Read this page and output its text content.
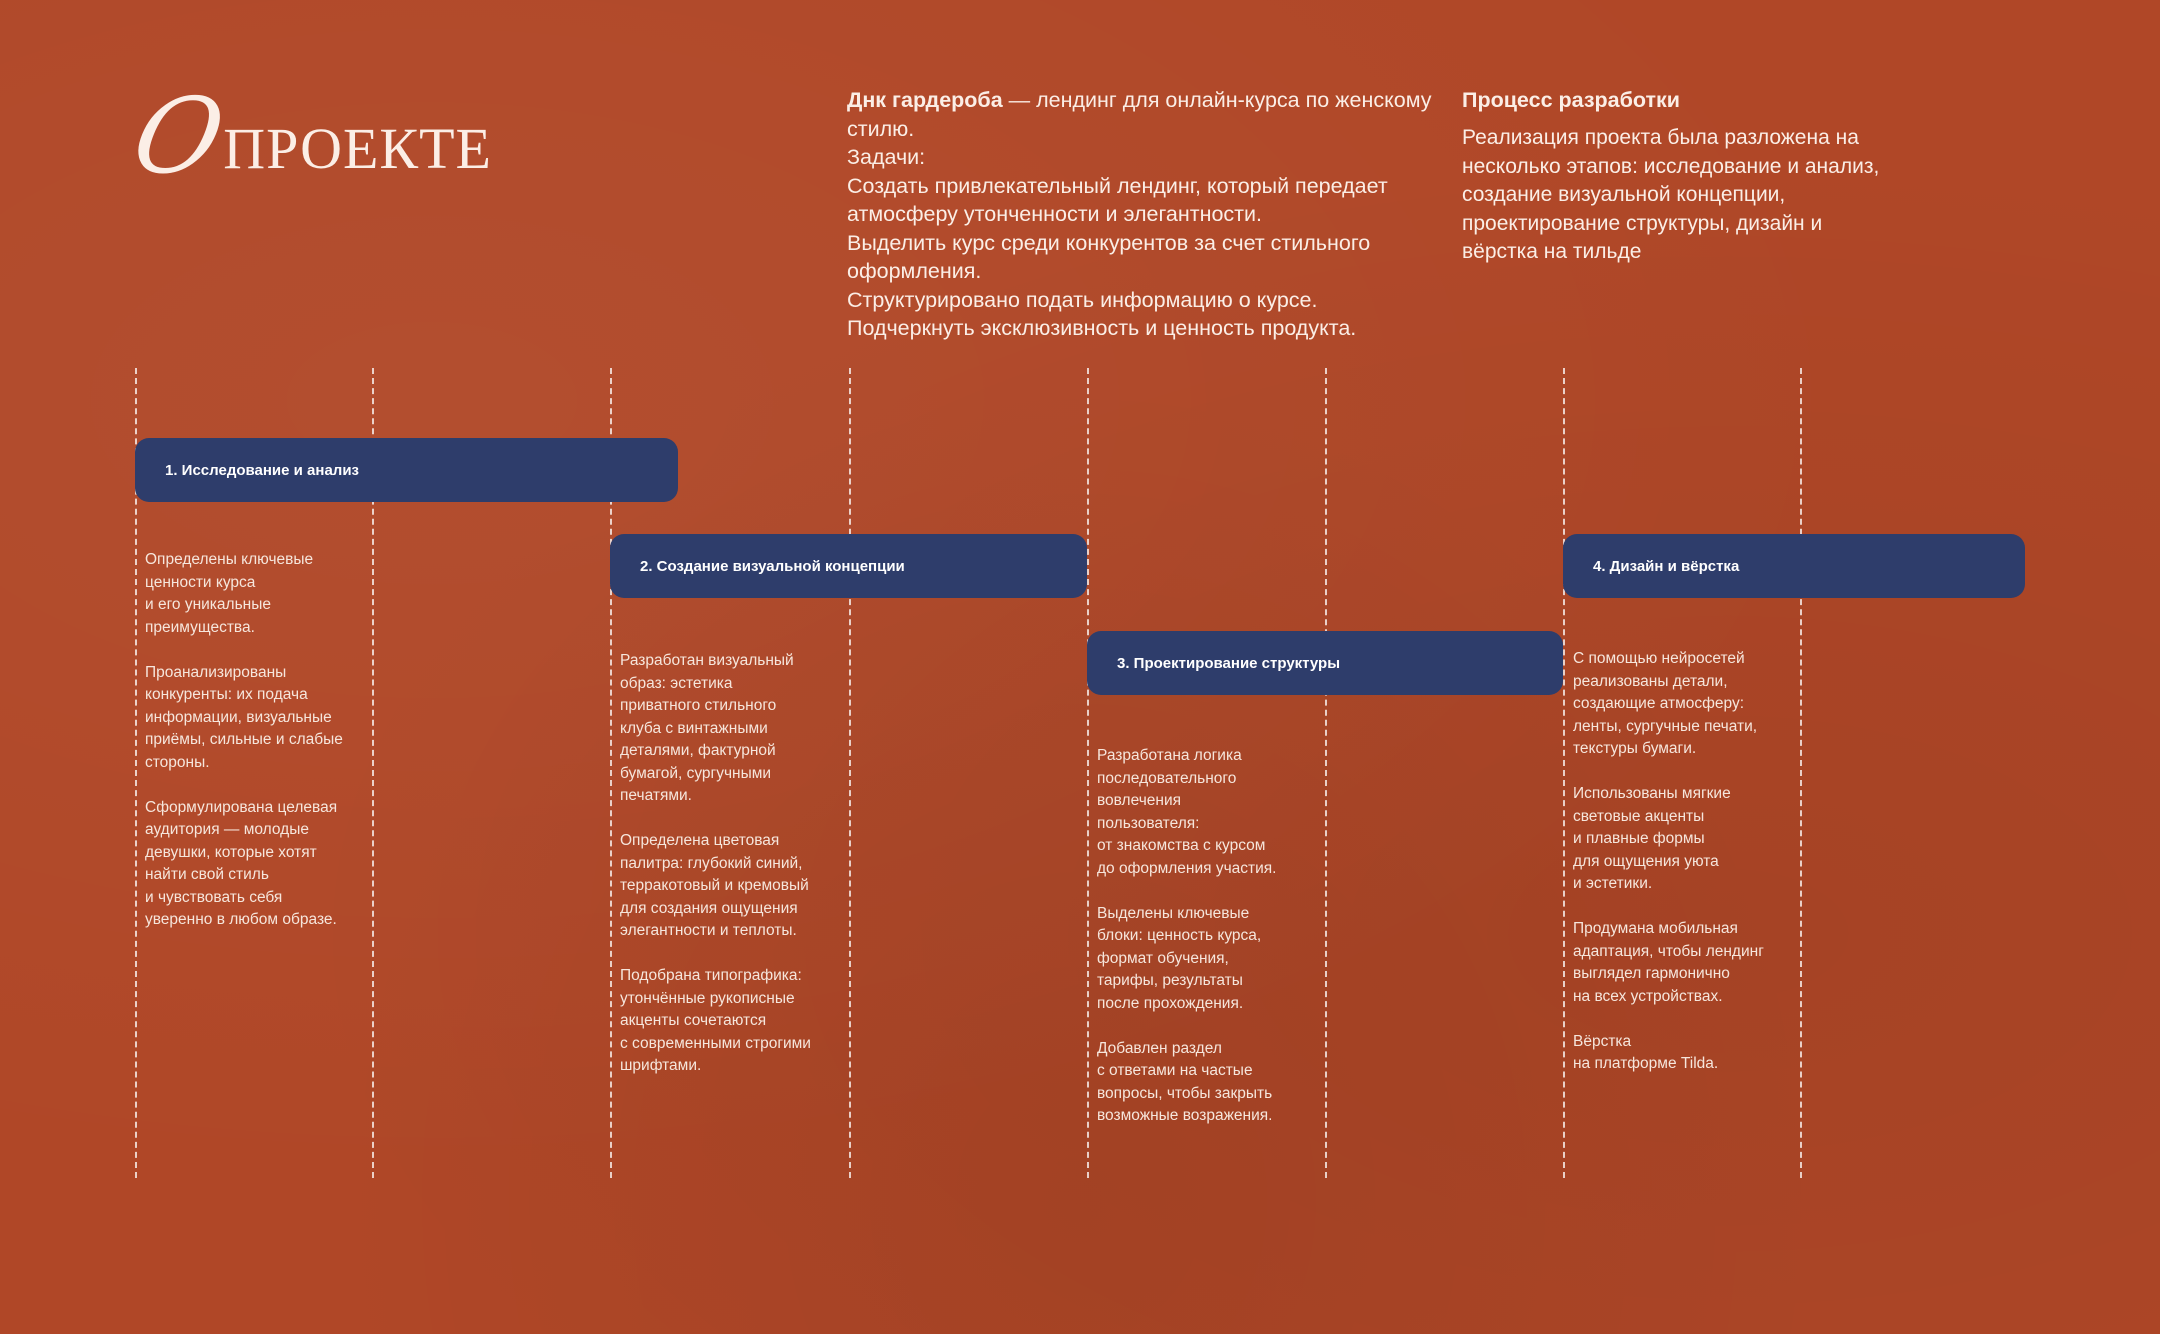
О
ПРОЕКТЕ

Днк гардероба — лендинг для онлайн-курса по женскому стилю.

Задачи:

Создать привлекательный лендинг, который передает атмосферу утонченности и элегантности.

Выделить курс среди конкурентов за счет стильного оформления.

Структурировано подать информацию о курсе.

Подчеркнуть эксклюзивность и ценность продукта.

Процесс разработки

Реализация проекта была разложена на несколько этапов: исследование и анализ, создание визуальной концепции, проектирование структуры, дизайн и вёрстка на тильде

1. Исследование и анализ

Определены ключевые
ценности курса
и его уникальные
преимущества.

Проанализированы
конкуренты: их подача
информации, визуальные
приёмы, сильные и слабые
стороны.

Сформулирована целевая
аудитория — молодые
девушки, которые хотят
найти свой стиль
и чувствовать себя
уверенно в любом образе.

2. Создание визуальной концепции

Разработан визуальный
образ: эстетика
приватного стильного
клуба с винтажными
деталями, фактурной
бумагой, сургучными
печатями.

Определена цветовая
палитра: глубокий синий,
терракотовый и кремовый
для создания ощущения
элегантности и теплоты.

Подобрана типографика:
утончённые рукописные
акценты сочетаются
с современными строгими
шрифтами.

3. Проектирование структуры

Разработана логика
последовательного
вовлечения
пользователя:
от знакомства с курсом
до оформления участия.

Выделены ключевые
блоки: ценность курса,
формат обучения,
тарифы, результаты
после прохождения.

Добавлен раздел
с ответами на частые
вопросы, чтобы закрыть
возможные возражения.

4. Дизайн и вёрстка

С помощью нейросетей
реализованы детали,
создающие атмосферу:
ленты, сургучные печати,
текстуры бумаги.

Использованы мягкие
световые акценты
и плавные формы
для ощущения уюта
и эстетики.

Продумана мобильная
адаптация, чтобы лендинг
выглядел гармонично
на всех устройствах.

Вёрстка
на платформе Tilda.
